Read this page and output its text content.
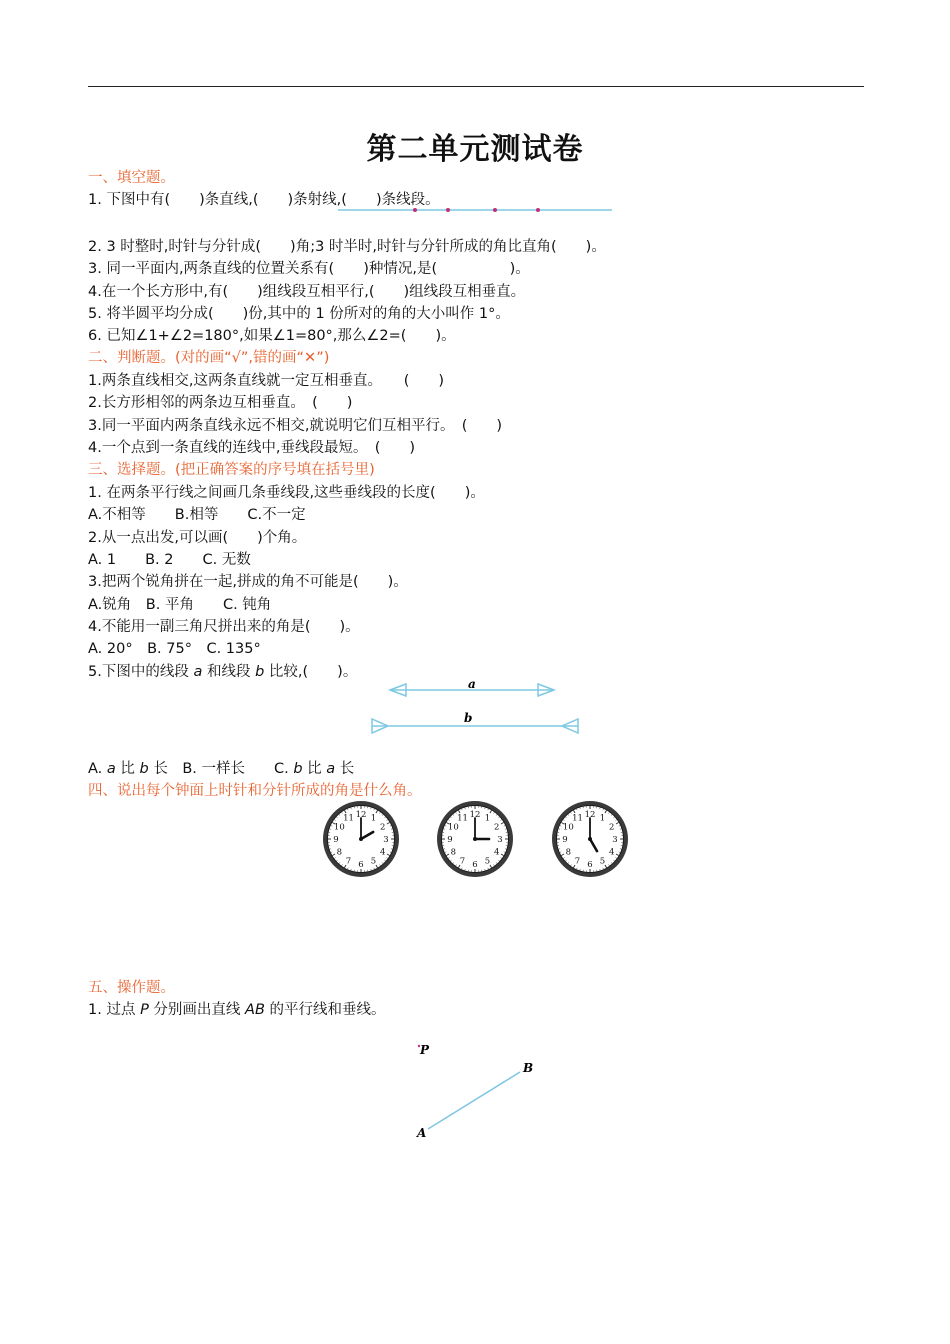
第二单元测试卷
一、填空题。
1. 下图中有(　　)条直线,(　　)条射线,(　　)条线段。
2. 3 时整时,时针与分针成(　　)角;3 时半时,时针与分针所成的角比直角(　　)。
3. 同一平面内,两条直线的位置关系有(　　)种情况,是(　　　　　)。
4.在一个长方形中,有(　　)组线段互相平行,(　　)组线段互相垂直。
5. 将半圆平均分成(　　)份,其中的 1 份所对的角的大小叫作 1°。
6. 已知∠1+∠2=180°,如果∠1=80°,那么∠2=(　　)。
二、判断题。(对的画“√”,错的画“✕”)
1.两条直线相交,这两条直线就一定互相垂直。　　(　　)
2.长方形相邻的两条边互相垂直。　(　　)
3.同一平面内两条直线永远不相交,就说明它们互相平行。　(　　)
4.一个点到一条直线的连线中,垂线段最短。　(　　)
三、选择题。(把正确答案的序号填在括号里)
1. 在两条平行线之间画几条垂线段,这些垂线段的长度(　　)。
A.不相等　　B.相等　　C.不一定
2.从一点出发,可以画(　　)个角。
A. 1　　B. 2　　C. 无数
3.把两个锐角拼在一起,拼成的角不可能是(　　)。
A.锐角　B. 平角　　C. 钝角
4.不能用一副三角尺拼出来的角是(　　)。
A. 20°　B. 75°　C. 135°
5.下图中的线段 a 和线段 b 比较,(　　)。
a
b
A. a 比 b 长　B. 一样长　　C. b 比 a 长
四、说出每个钟面上时针和分针所成的角是什么角。
12 1
2
3
4
5
6
7
8
9
10
11	12 1
2
3
4
5
6
7
8
9
10
11	12 1
2
3
4
5
6
7
8
9
10
11
五、操作题。
1. 过点 P 分别画出直线 AB 的平行线和垂线。
P
B
A
